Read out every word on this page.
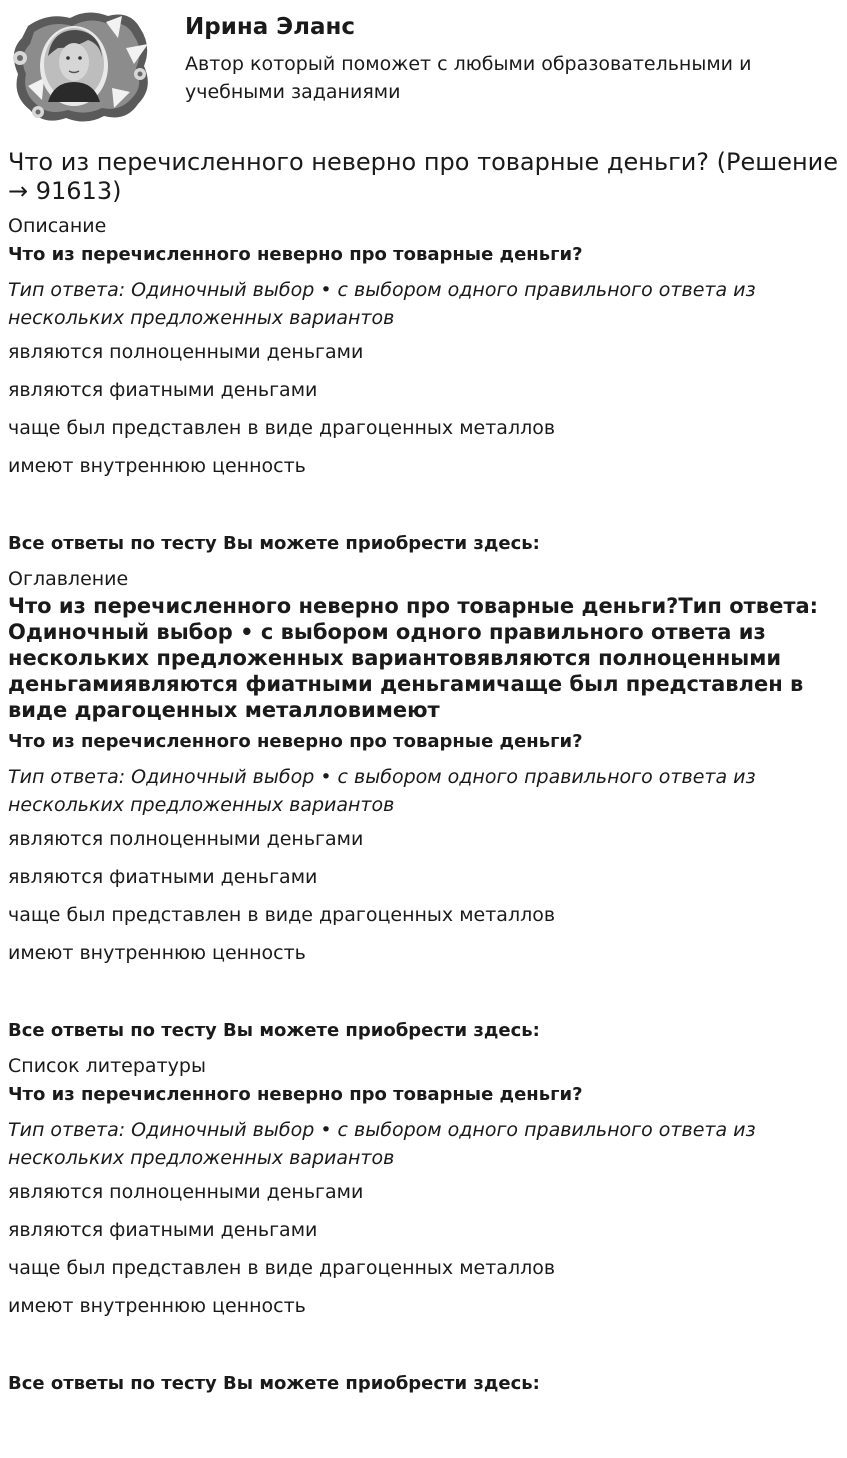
Ирина Эланс

Автор который поможет с любыми образовательными и учебными заданиями

Что из перечисленного неверно про товарные деньги? (Решение → 91613)

Описание

Что из перечисленного неверно про товарные деньги?

Тип ответа: Одиночный выбор • с выбором одного правильного ответа из нескольких предложенных вариантов

являются полноценными деньгами

являются фиатными деньгами

чаще был представлен в виде драгоценных металлов

имеют внутреннюю ценность

Все ответы по тесту Вы можете приобрести здесь:

Оглавление

Что из перечисленного неверно про товарные деньги?Тип ответа: Одиночный выбор • с выбором одного правильного ответа из нескольких предложенных вариантовявляются полноценными деньгамиявляются фиатными деньгамичаще был представлен в виде драгоценных металловимеют

Что из перечисленного неверно про товарные деньги?

Тип ответа: Одиночный выбор • с выбором одного правильного ответа из нескольких предложенных вариантов

являются полноценными деньгами

являются фиатными деньгами

чаще был представлен в виде драгоценных металлов

имеют внутреннюю ценность

Все ответы по тесту Вы можете приобрести здесь:

Список литературы

Что из перечисленного неверно про товарные деньги?

Тип ответа: Одиночный выбор • с выбором одного правильного ответа из нескольких предложенных вариантов

являются полноценными деньгами

являются фиатными деньгами

чаще был представлен в виде драгоценных металлов

имеют внутреннюю ценность

Все ответы по тесту Вы можете приобрести здесь:
